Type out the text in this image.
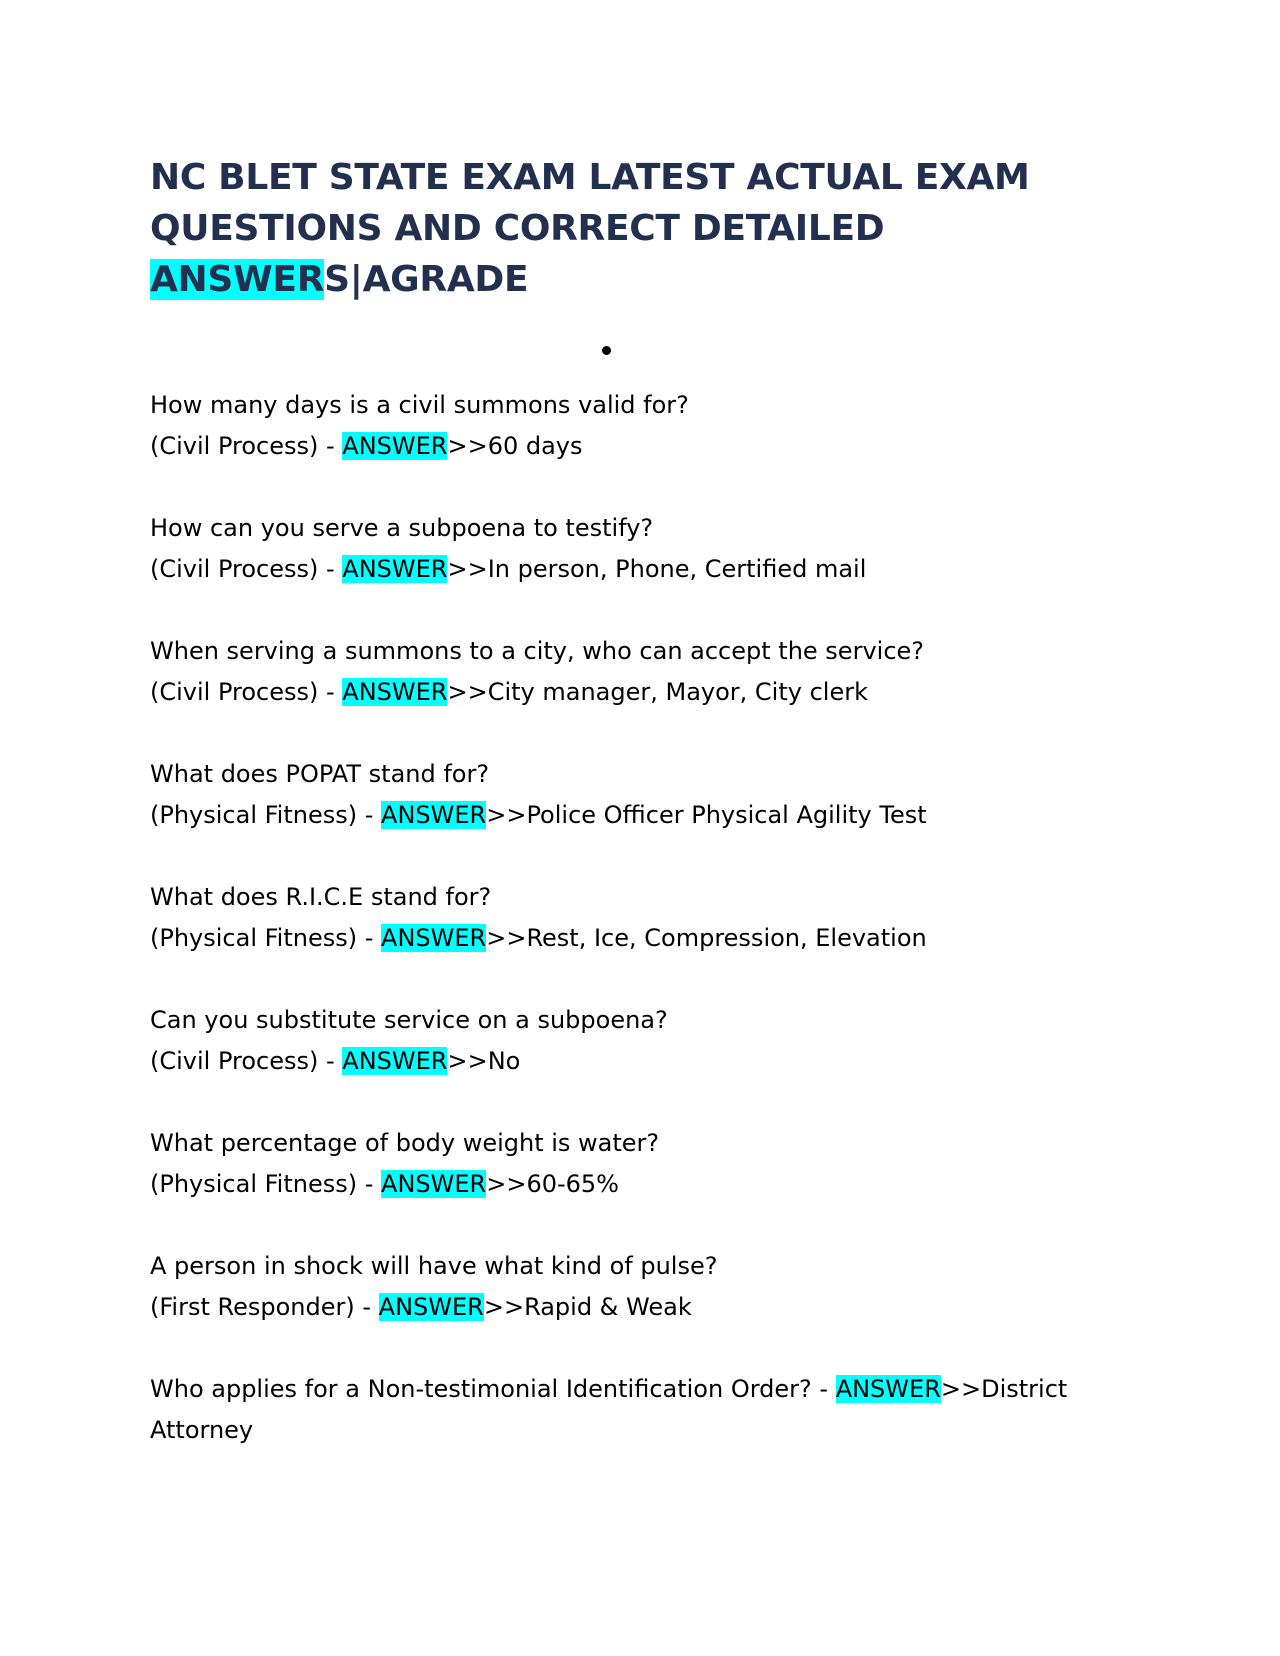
NC BLET STATE EXAM LATEST ACTUAL EXAM
QUESTIONS AND CORRECT DETAILED
ANSWERS|AGRADE
How many days is a civil summons valid for?
(Civil Process) - ANSWER>>60 days
How can you serve a subpoena to testify?
(Civil Process) - ANSWER>>In person, Phone, Certified mail
When serving a summons to a city, who can accept the service?
(Civil Process) - ANSWER>>City manager, Mayor, City clerk
What does POPAT stand for?
(Physical Fitness) - ANSWER>>Police Officer Physical Agility Test
What does R.I.C.E stand for?
(Physical Fitness) - ANSWER>>Rest, Ice, Compression, Elevation
Can you substitute service on a subpoena?
(Civil Process) - ANSWER>>No
What percentage of body weight is water?
(Physical Fitness) - ANSWER>>60-65%
A person in shock will have what kind of pulse?
(First Responder) - ANSWER>>Rapid & Weak
Who applies for a Non-testimonial Identification Order? - ANSWER>>District
Attorney
